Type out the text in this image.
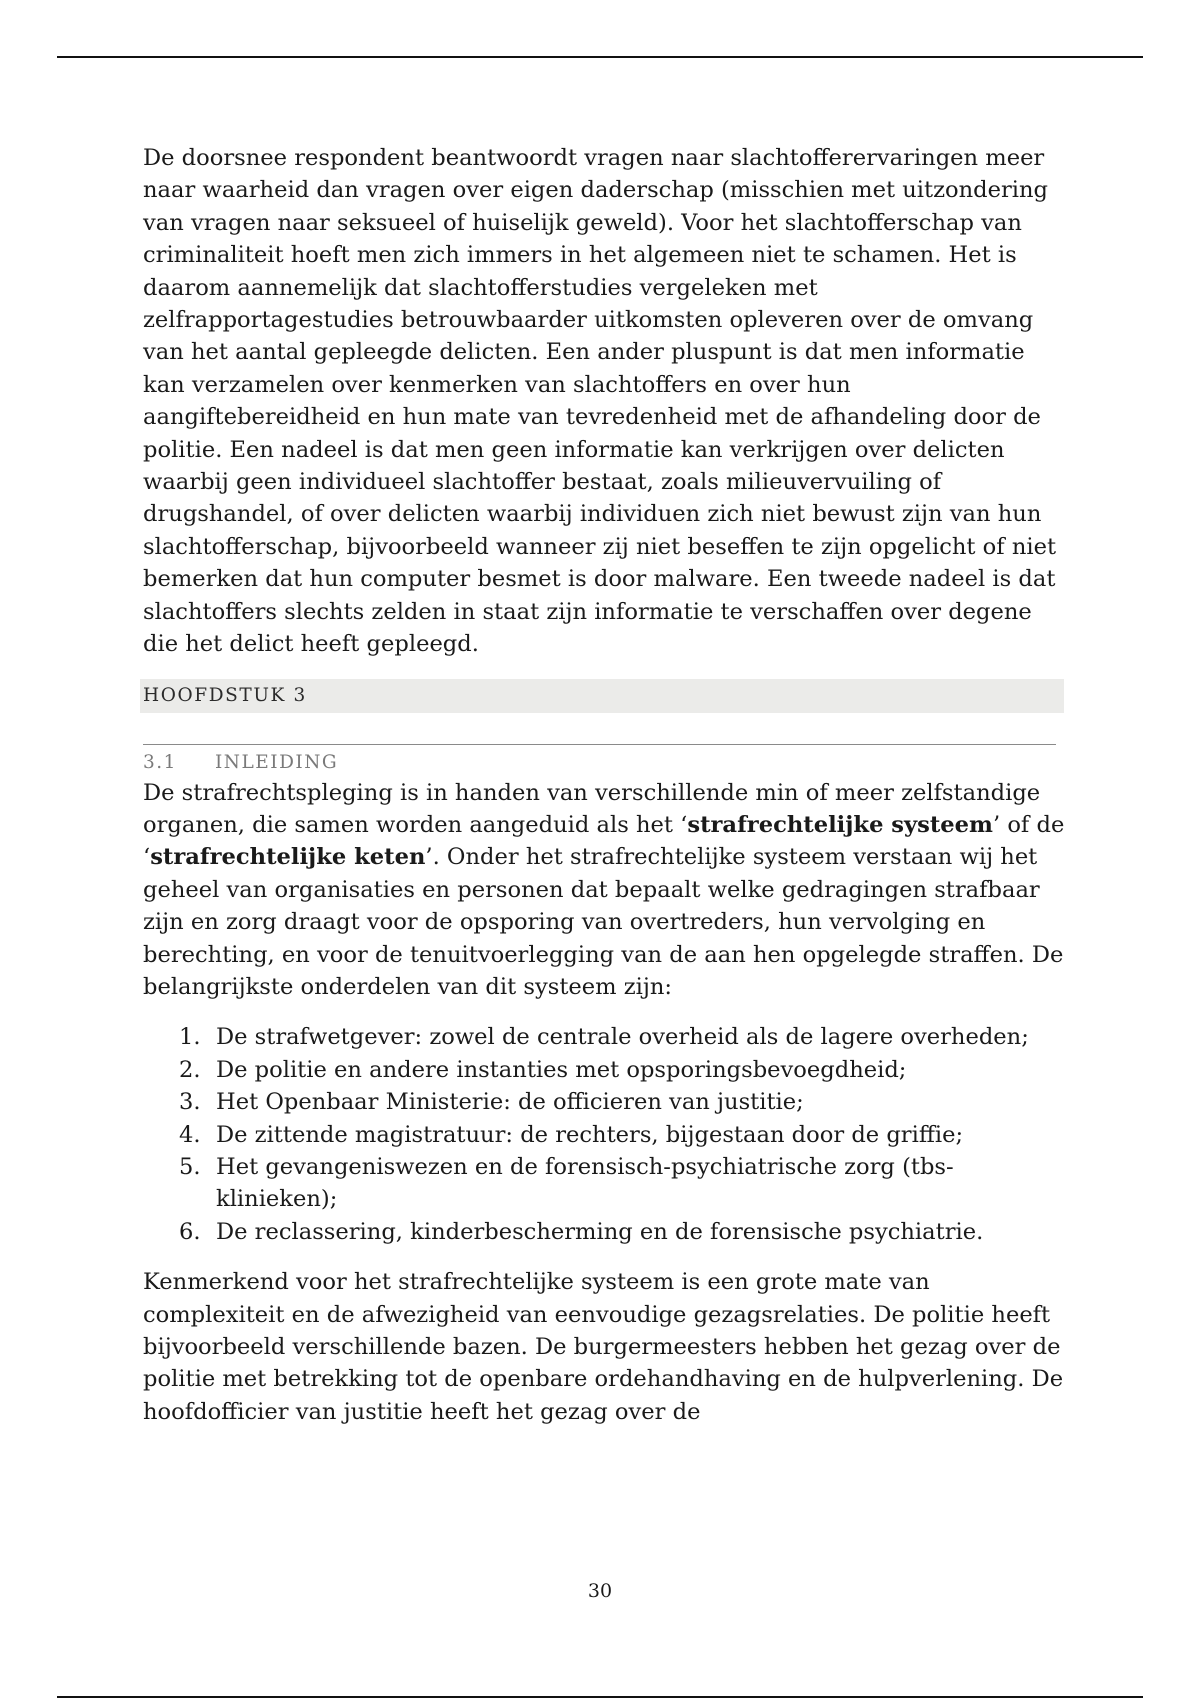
De doorsnee respondent beantwoordt vragen naar slachtofferervaringen meer naar waarheid dan vragen over eigen daderschap (misschien met uitzondering van vragen naar seksueel of huiselijk geweld). Voor het slachtofferschap van criminaliteit hoeft men zich immers in het algemeen niet te schamen. Het is daarom aannemelijk dat slachtofferstudies vergeleken met zelfrapportagestudies betrouwbaarder uitkomsten opleveren over de omvang van het aantal gepleegde delicten. Een ander pluspunt is dat men informatie kan verzamelen over kenmerken van slachtoffers en over hun aangiftebereidheid en hun mate van tevredenheid met de afhandeling door de politie. Een nadeel is dat men geen informatie kan verkrijgen over delicten waarbij geen individueel slachtoffer bestaat, zoals milieuvervuiling of drugshandel, of over delicten waarbij individuen zich niet bewust zijn van hun slachtofferschap, bijvoorbeeld wanneer zij niet beseffen te zijn opgelicht of niet bemerken dat hun computer besmet is door malware. Een tweede nadeel is dat slachtoffers slechts zelden in staat zijn informatie te verschaffen over degene die het delict heeft gepleegd.

HOOFDSTUK 3
3.1 INLEIDING

De strafrechtspleging is in handen van verschillende min of meer zelfstandige organen, die samen worden aangeduid als het ‘strafrechtelijke systeem’ of de ‘strafrechtelijke keten’. Onder het strafrechtelijke systeem verstaan wij het geheel van organisaties en personen dat bepaalt welke gedragingen strafbaar zijn en zorg draagt voor de opsporing van overtreders, hun vervolging en berechting, en voor de tenuitvoerlegging van de aan hen opgelegde straffen. De belangrijkste onderdelen van dit systeem zijn:

1. De strafwetgever: zowel de centrale overheid als de lagere overheden;
2. De politie en andere instanties met opsporingsbevoegdheid;
3. Het Openbaar Ministerie: de officieren van justitie;
4. De zittende magistratuur: de rechters, bijgestaan door de griffie;
5. Het gevangeniswezen en de forensisch-psychiatrische zorg (tbs-klinieken);
6. De reclassering, kinderbescherming en de forensische psychiatrie.

Kenmerkend voor het strafrechtelijke systeem is een grote mate van complexiteit en de afwezigheid van eenvoudige gezagsrelaties. De politie heeft bijvoorbeeld verschillende bazen. De burgermeesters hebben het gezag over de politie met betrekking tot de openbare ordehandhaving en de hulpverlening. De hoofdofficier van justitie heeft het gezag over de

30
